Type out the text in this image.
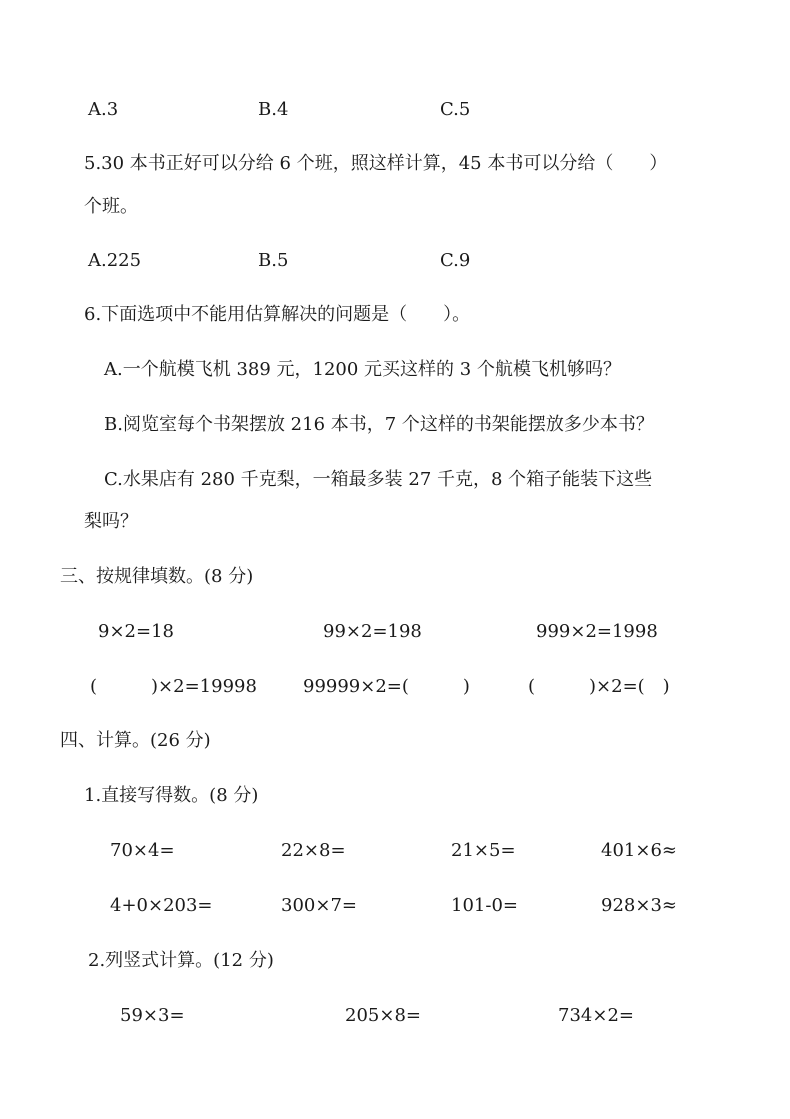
A.3	B.4	C.5
5.30 本书正好可以分给 6 个班，照这样计算，45 本书可以分给（　　）
个班。
A.225	B.5	C.9
6.下面选项中不能用估算解决的问题是（　　）。
A.一个航模飞机 389 元，1200 元买这样的 3 个航模飞机够吗？
B.阅览室每个书架摆放 216 本书，7 个这样的书架能摆放多少本书？
C.水果店有 280 千克梨，一箱最多装 27 千克，8 个箱子能装下这些
梨吗？
三、按规律填数。(8 分)
9×2=18	99×2=198	999×2=1998
(　　　)×2=19998	99999×2=(　　　)	(　　　)×2=(　)
四、计算。(26 分)
1.直接写得数。(8 分)
70×4=	22×8=	21×5=	401×6≈
4+0×203=	300×7=	101-0=	928×3≈
2.列竖式计算。(12 分)
59×3=	205×8=	734×2=
